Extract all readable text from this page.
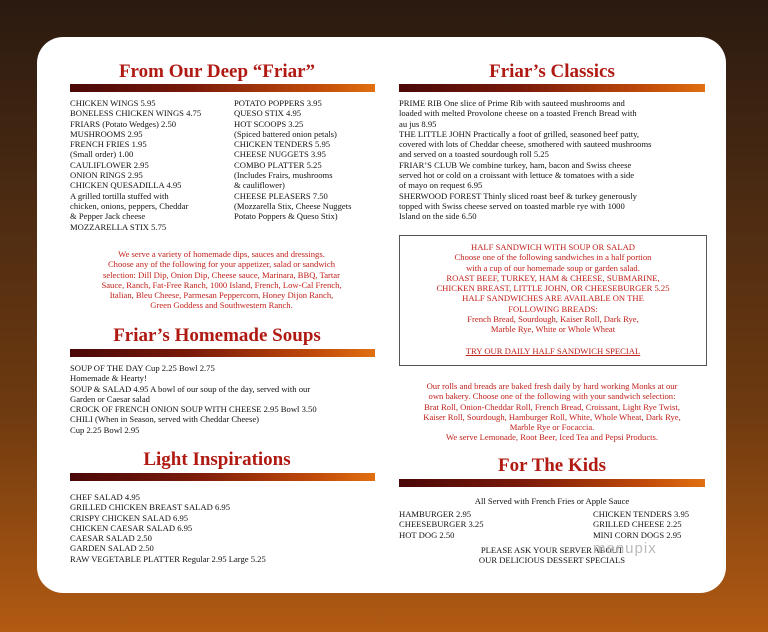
From Our Deep “Friar”
CHICKEN WINGS 5.95
BONELESS CHICKEN WINGS 4.75
FRIARS (Potato Wedges) 2.50
MUSHROOMS 2.95
FRENCH FRIES 1.95
(Small order) 1.00
CAULIFLOWER 2.95
ONION RINGS 2.95
CHICKEN QUESADILLA 4.95
A grilled tortilla stuffed with
chicken, onions, peppers, Cheddar
& Pepper Jack cheese
MOZZARELLA STIX 5.75
POTATO POPPERS 3.95
QUESO STIX 4.95
HOT SCOOPS 3.25
(Spiced battered onion petals)
CHICKEN TENDERS 5.95
CHEESE NUGGETS 3.95
COMBO PLATTER 5.25
(Includes Frairs, mushrooms
& cauliflower)
CHEESE PLEASERS 7.50
(Mozzarella Stix, Cheese Nuggets
Potato Poppers & Queso Stix)
We serve a variety of homemade dips, sauces and dressings.
Choose any of the following for your appetizer, salad or sandwich
selection: Dill Dip, Onion Dip, Cheese sauce, Marinara, BBQ, Tartar
Sauce, Ranch, Fat-Free Ranch, 1000 Island, French, Low-Cal French,
Italian, Bleu Cheese, Parmesan Peppercorn, Honey Dijon Ranch,
Green Goddess and Southwestern Ranch.
Friar’s Homemade Soups
SOUP OF THE DAY Cup 2.25 Bowl 2.75
Homemade & Hearty!
SOUP & SALAD 4.95 A bowl of our soup of the day, served with our
Garden or Caesar salad
CROCK OF FRENCH ONION SOUP WITH CHEESE 2.95 Bowl 3.50
CHILI (When in Season, served with Cheddar Cheese)
Cup 2.25 Bowl 2.95
Light Inspirations
CHEF SALAD 4.95
GRILLED CHICKEN BREAST SALAD 6.95
CRISPY CHICKEN SALAD 6.95
CHICKEN CAESAR SALAD 6.95
CAESAR SALAD 2.50
GARDEN SALAD 2.50
RAW VEGETABLE PLATTER Regular 2.95 Large 5.25
Friar’s Classics
PRIME RIB One slice of Prime Rib with sauteed mushrooms and
loaded with melted Provolone cheese on a toasted French Bread with
au jus 8.95
THE LITTLE JOHN Practically a foot of grilled, seasoned beef patty,
covered with lots of Cheddar cheese, smothered with sauteed mushrooms
and served on a toasted sourdough roll 5.25
FRIAR’S CLUB We combine turkey, ham, bacon and Swiss cheese
served hot or cold on a croissant with lettuce & tomatoes with a side
of mayo on request 6.95
SHERWOOD FOREST Thinly sliced roast beef & turkey generously
topped with Swiss cheese served on toasted marble rye with 1000
Island on the side 6.50
HALF SANDWICH WITH SOUP OR SALAD
Choose one of the following sandwiches in a half portion
with a cup of our homemade soup or garden salad.
ROAST BEEF, TURKEY, HAM & CHEESE, SUBMARINE,
CHICKEN BREAST, LITTLE JOHN, OR CHEESEBURGER 5.25
HALF SANDWICHES ARE AVAILABLE ON THE
FOLLOWING BREADS:
French Bread, Sourdough, Kaiser Roll, Dark Rye,
Marble Rye, White or Whole Wheat
TRY OUR DAILY HALF SANDWICH SPECIAL
Our rolls and breads are baked fresh daily by hard working Monks at our
own bakery. Choose one of the following with your sandwich selection:
Brat Roll, Onion-Cheddar Roll, French Bread, Croissant, Light Rye Twist,
Kaiser Roll, Sourdough, Hamburger Roll, White, Whole Wheat, Dark Rye,
Marble Rye or Focaccia.
We serve Lemonade, Root Beer, Iced Tea and Pepsi Products.
For The Kids
All Served with French Fries or Apple Sauce
HAMBURGER 2.95
CHEESEBURGER 3.25
HOT DOG 2.50
CHICKEN TENDERS 3.95
GRILLED CHEESE 2.25
MINI CORN DOGS 2.95
PLEASE ASK YOUR SERVER ABOUT
OUR DELICIOUS DESSERT SPECIALS
menupix
